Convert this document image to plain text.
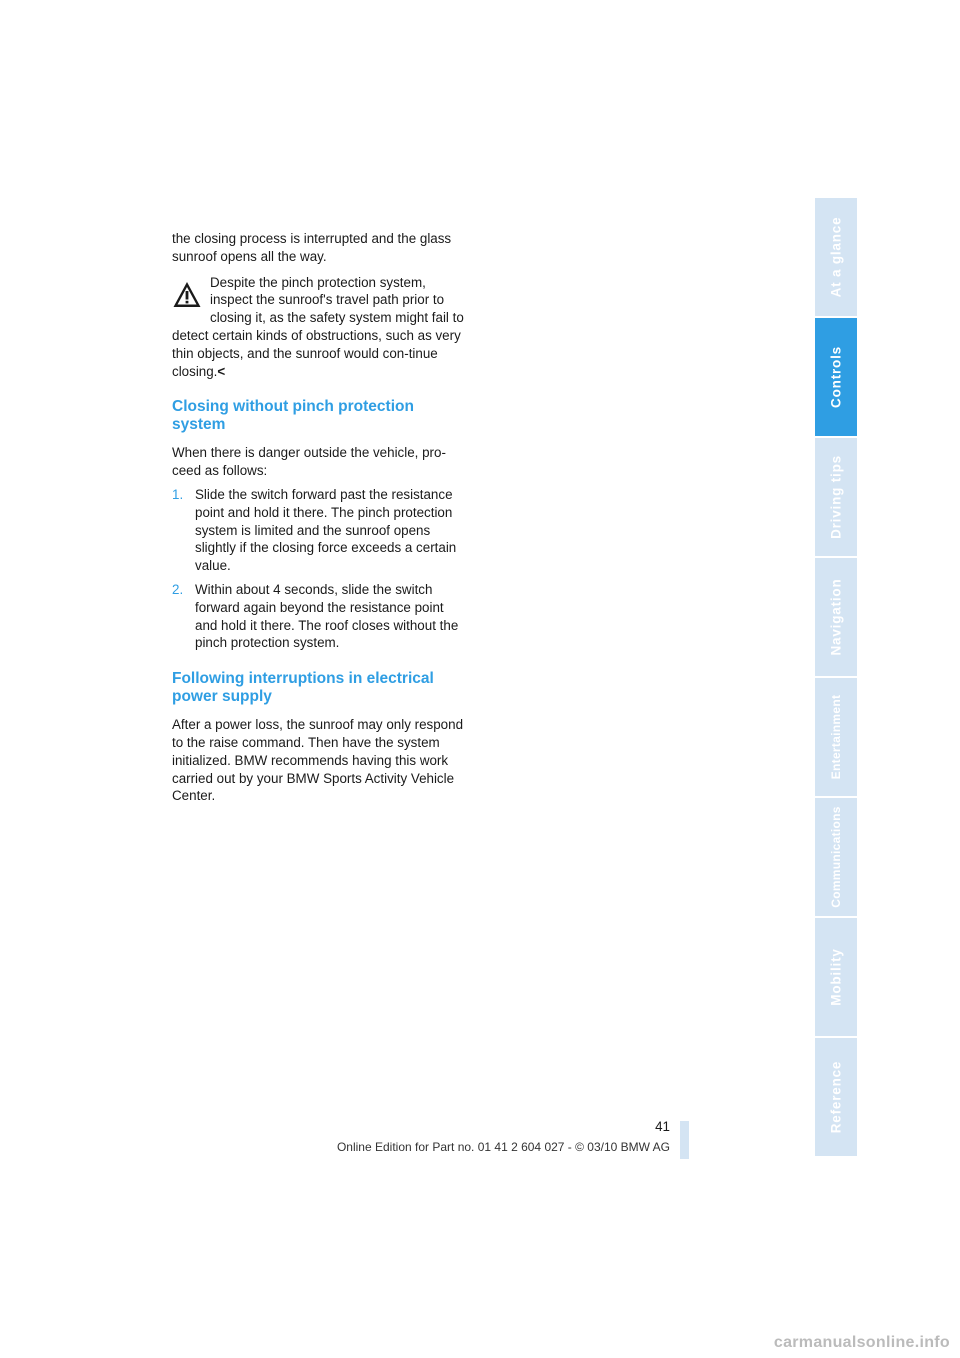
the closing process is interrupted and the glass sunroof opens all the way.

Despite the pinch protection system, inspect the sunroof's travel path prior to closing it, as the safety system might fail to detect certain kinds of obstructions, such as very thin objects, and the sunroof would con-tinue closing.<

Closing without pinch protection system

When there is danger outside the vehicle, pro-ceed as follows:

1. Slide the switch forward past the resistance point and hold it there. The pinch protection system is limited and the sunroof opens slightly if the closing force exceeds a certain value.
2. Within about 4 seconds, slide the switch forward again beyond the resistance point and hold it there. The roof closes without the pinch protection system.
Following interruptions in electrical power supply

After a power loss, the sunroof may only respond to the raise command. Then have the system initialized. BMW recommends having this work carried out by your BMW Sports Activity Vehicle Center.

At a glance
Controls
Driving tips
Navigation
Entertainment
Communications
Mobility
Reference
41
Online Edition for Part no. 01 41 2 604 027 - © 03/10 BMW AG
carmanualsonline.info
